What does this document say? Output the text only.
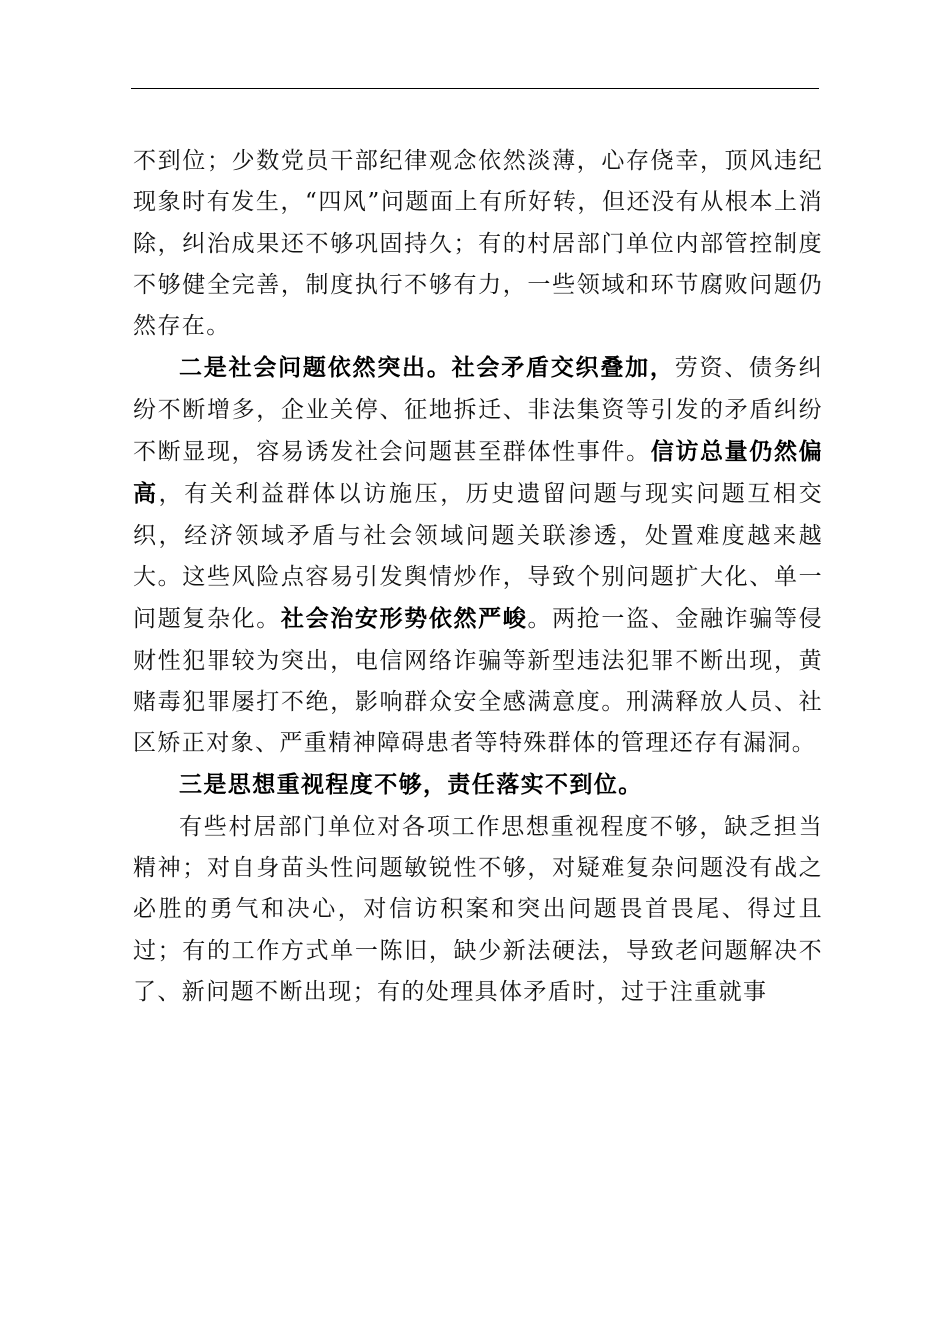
不到位；少数党员干部纪律观念依然淡薄，心存侥幸，顶风违纪现象时有发生，“四风”问题面上有所好转，但还没有从根本上消除，纠治成果还不够巩固持久；有的村居部门单位内部管控制度不够健全完善，制度执行不够有力，一些领域和环节腐败问题仍然存在。

二是社会问题依然突出。社会矛盾交织叠加，劳资、债务纠纷不断增多，企业关停、征地拆迁、非法集资等引发的矛盾纠纷不断显现，容易诱发社会问题甚至群体性事件。信访总量仍然偏高，有关利益群体以访施压，历史遗留问题与现实问题互相交织，经济领域矛盾与社会领域问题关联渗透，处置难度越来越大。这些风险点容易引发舆情炒作，导致个别问题扩大化、单一问题复杂化。社会治安形势依然严峻。两抢一盗、金融诈骗等侵财性犯罪较为突出，电信网络诈骗等新型违法犯罪不断出现，黄赌毒犯罪屡打不绝，影响群众安全感满意度。刑满释放人员、社区矫正对象、严重精神障碍患者等特殊群体的管理还存有漏洞。

三是思想重视程度不够，责任落实不到位。

有些村居部门单位对各项工作思想重视程度不够，缺乏担当精神；对自身苗头性问题敏锐性不够，对疑难复杂问题没有战之必胜的勇气和决心，对信访积案和突出问题畏首畏尾、得过且过；有的工作方式单一陈旧，缺少新法硬法，导致老问题解决不了、新问题不断出现；有的处理具体矛盾时，过于注重就事
